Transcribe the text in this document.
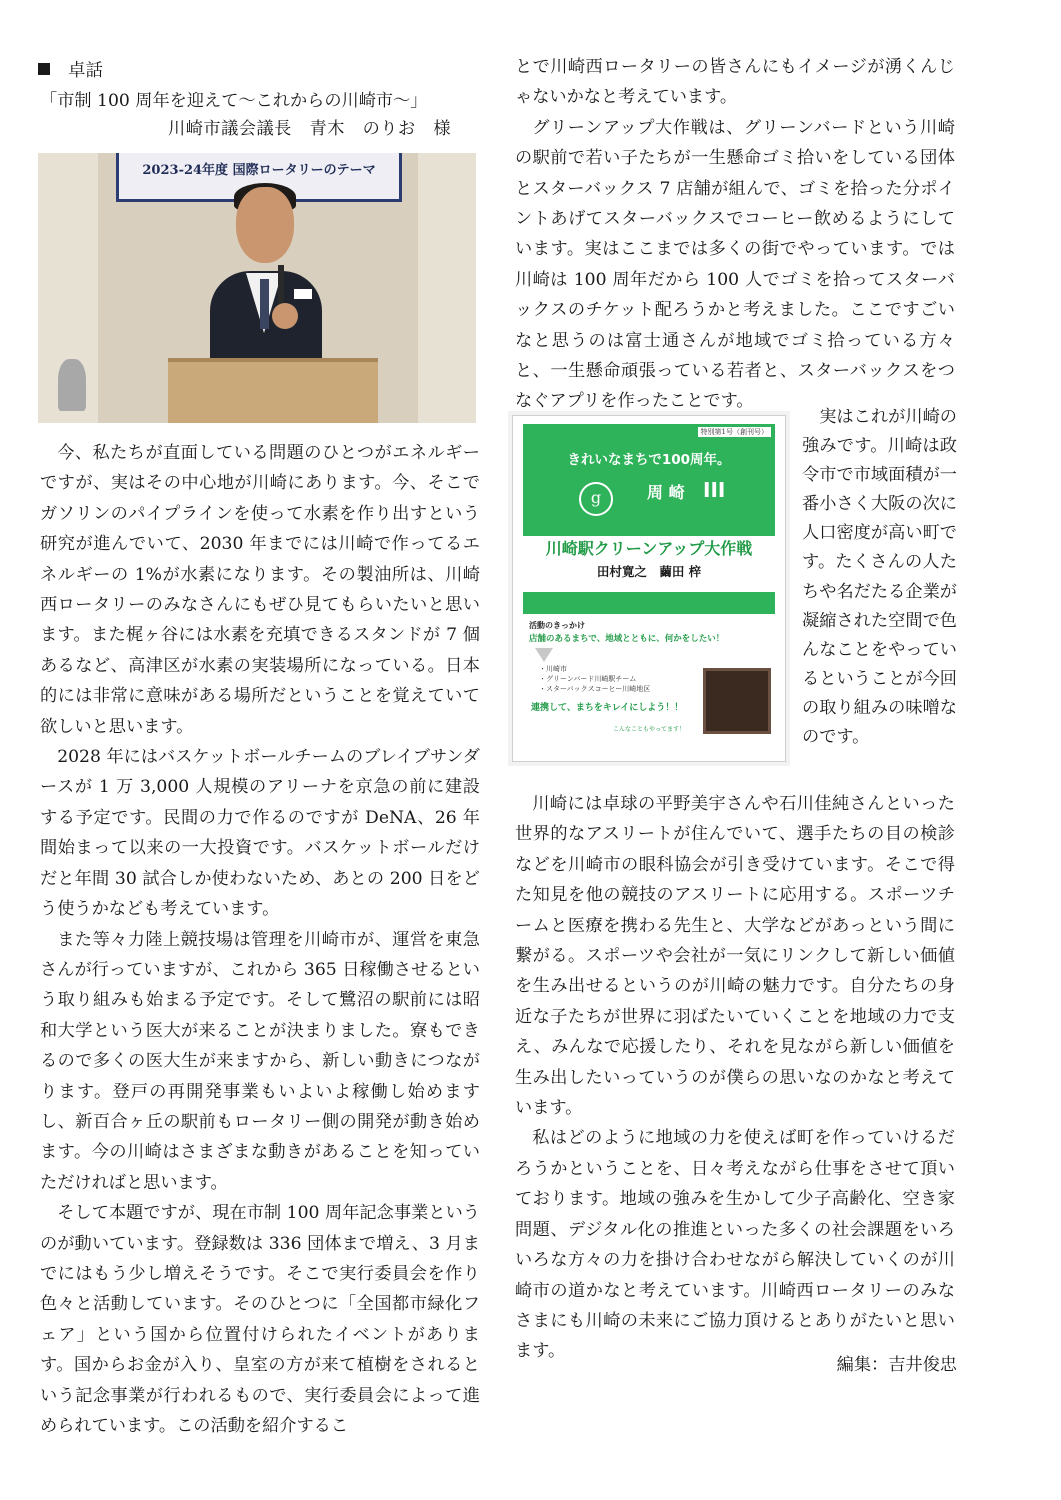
卓話
「市制 100 周年を迎えて〜これからの川崎市〜」
川崎市議会議長　青木　のりお　様
2023-24年度 国際ロータリーのテーマ

今、私たちが直面している問題のひとつがエネルギーですが、実はその中心地が川崎にあります。今、そこでガソリンのパイプラインを使って水素を作り出すという研究が進んでいて、2030 年までには川崎で作ってるエネルギーの 1%が水素になります。その製油所は、川崎西ロータリーのみなさんにもぜひ見てもらいたいと思います。また梶ヶ谷には水素を充填できるスタンドが 7 個あるなど、高津区が水素の実装場所になっている。日本的には非常に意味がある場所だということを覚えていて欲しいと思います。

2028 年にはバスケットボールチームのブレイブサンダースが 1 万 3,000 人規模のアリーナを京急の前に建設する予定です。民間の力で作るのですが DeNA、26 年間始まって以来の一大投資です。バスケットボールだけだと年間 30 試合しか使わないため、あとの 200 日をどう使うかなども考えています。

また等々力陸上競技場は管理を川崎市が、運営を東急さんが行っていますが、これから 365 日稼働させるという取り組みも始まる予定です。そして鷺沼の駅前には昭和大学という医大が来ることが決まりました。寮もできるので多くの医大生が来ますから、新しい動きにつながります。登戸の再開発事業もいよいよ稼働し始めますし、新百合ヶ丘の駅前もロータリー側の開発が動き始めます。今の川崎はさまざまな動きがあることを知っていただければと思います。

そして本題ですが、現在市制 100 周年記念事業というのが動いています。登録数は 336 団体まで増え、3 月までにはもう少し増えそうです。そこで実行委員会を作り色々と活動しています。そのひとつに「全国都市緑化フェア」という国から位置付けられたイベントがあります。国からお金が入り、皇室の方が来て植樹をされるという記念事業が行われるもので、実行委員会によって進められています。この活動を紹介するこ

とで川崎西ロータリーの皆さんにもイメージが湧くんじゃないかなと考えています。

グリーンアップ大作戦は、グリーンバードという川崎の駅前で若い子たちが一生懸命ゴミ拾いをしている団体とスターバックス 7 店舗が組んで、ゴミを拾った分ポイントあげてスターバックスでコーヒー飲めるようにしています。実はここまでは多くの街でやっています。では川崎は 100 周年だから 100 人でゴミを拾ってスターバックスのチケット配ろうかと考えました。ここですごいなと思うのは富士通さんが地域でゴミ拾っている方々と、一生懸命頑張っている若者と、スターバックスをつなぐアプリを作ったことです。

特別第1号（創刊号）
きれいなまちで100周年。
g	周 崎 III
川崎駅クリーンアップ大作戦
田村寛之　繭田 梓
活動のきっかけ
店舗のあるまちで、地域とともに、何かをしたい！
・川崎市
・グリーンバード川崎駅チーム
・スターバックスコーヒー川崎地区
連携して、まちをキレイにしよう！！
こんなこともやってます！

実はこれが川崎の強みです。川崎は政令市で市域面積が一番小さく大阪の次に人口密度が高い町です。たくさんの人たちや名だたる企業が凝縮された空間で色んなことをやっているということが今回の取り組みの味噌なのです。

川崎には卓球の平野美宇さんや石川佳純さんといった世界的なアスリートが住んでいて、選手たちの目の検診などを川崎市の眼科協会が引き受けています。そこで得た知見を他の競技のアスリートに応用する。スポーツチームと医療を携わる先生と、大学などがあっという間に繋がる。スポーツや会社が一気にリンクして新しい価値を生み出せるというのが川崎の魅力です。自分たちの身近な子たちが世界に羽ばたいていくことを地域の力で支え、みんなで応援したり、それを見ながら新しい価値を生み出したいっていうのが僕らの思いなのかなと考えています。

私はどのように地域の力を使えば町を作っていけるだろうかということを、日々考えながら仕事をさせて頂いております。地域の強みを生かして少子高齢化、空き家問題、デジタル化の推進といった多くの社会課題をいろいろな方々の力を掛け合わせながら解決していくのが川崎市の道かなと考えています。川崎西ロータリーのみなさまにも川崎の未来にご協力頂けるとありがたいと思います。

編集：吉井俊忠
